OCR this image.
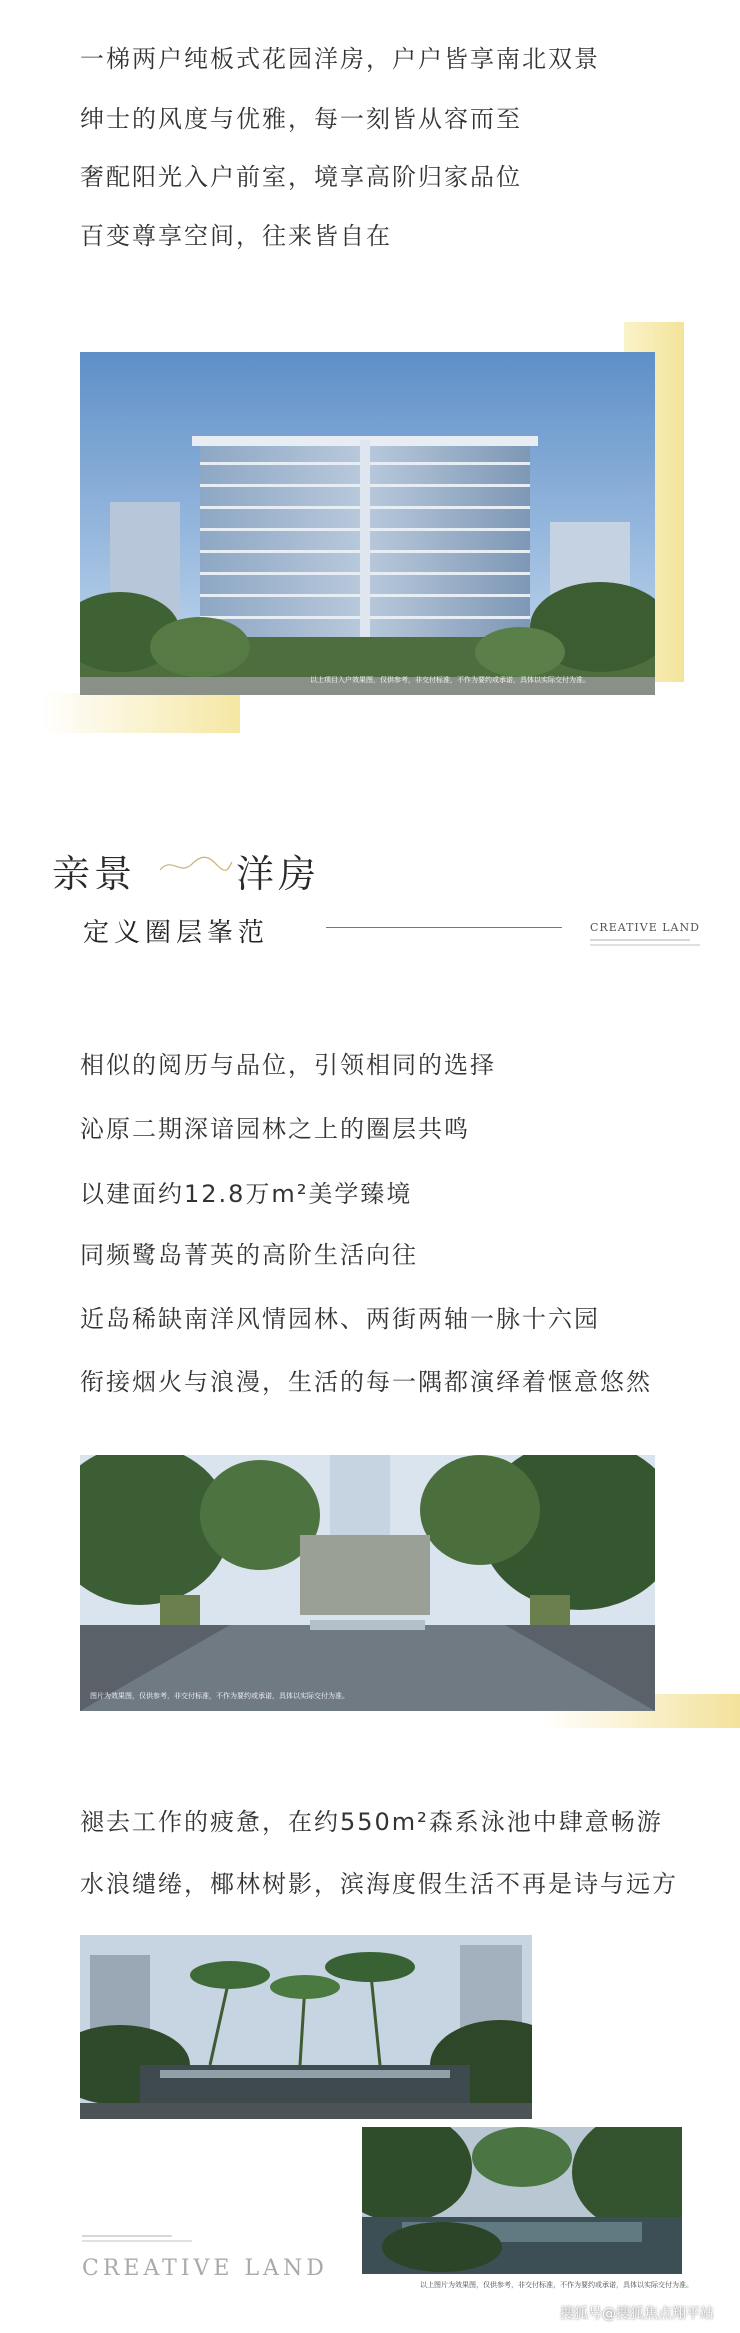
一梯两户纯板式花园洋房，户户皆享南北双景
绅士的风度与优雅，每一刻皆从容而至
奢配阳光入户前室，境享高阶归家品位
百变尊享空间，往来皆自在
以上项目入户效果图，仅供参考，非交付标准，不作为要约或承诺，具体以实际交付为准。
亲景	洋房
定义圈层峯范	CREATIVE LAND
相似的阅历与品位，引领相同的选择
沁原二期深谙园林之上的圈层共鸣
以建面约12.8万m²美学臻境
同频鹭岛菁英的高阶生活向往
近岛稀缺南洋风情园林、两街两轴一脉十六园
衔接烟火与浪漫，生活的每一隅都演绎着惬意悠然
图片为效果图，仅供参考，非交付标准，不作为要约或承诺，具体以实际交付为准。
褪去工作的疲惫，在约550m²森系泳池中肆意畅游
水浪缱绻，椰林树影，滨海度假生活不再是诗与远方
以上图片为效果图，仅供参考，非交付标准，不作为要约或承诺，具体以实际交付为准。
CREATIVE LAND
搜狐号@搜狐焦点翔平站
